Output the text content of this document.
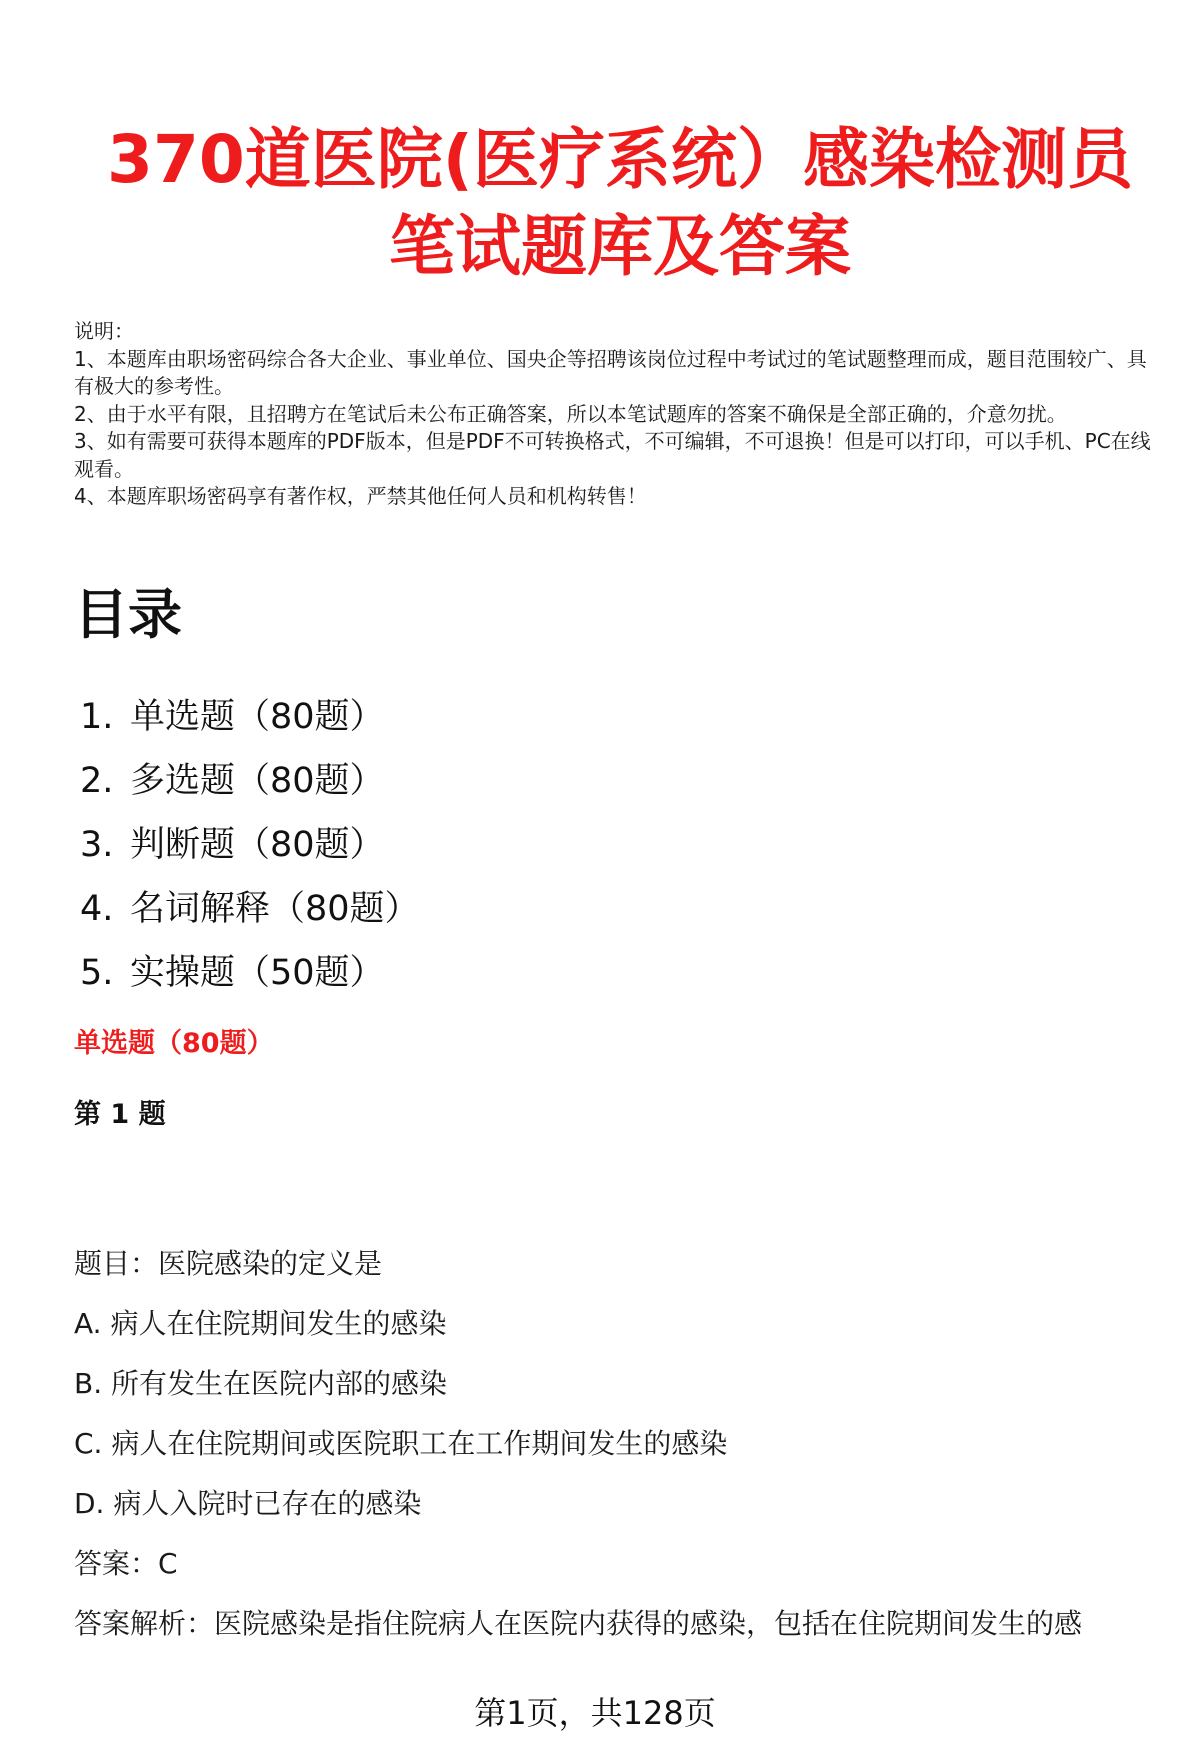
370道医院(医疗系统）感染检测员
笔试题库及答案

说明：

1、本题库由职场密码综合各大企业、事业单位、国央企等招聘该岗位过程中考试过的笔试题整理而成，题目范围较广、具有极大的参考性。

2、由于水平有限，且招聘方在笔试后未公布正确答案，所以本笔试题库的答案不确保是全部正确的，介意勿扰。

3、如有需要可获得本题库的PDF版本，但是PDF不可转换格式，不可编辑，不可退换！但是可以打印，可以手机、PC在线观看。

4、本题库职场密码享有著作权，严禁其他任何人员和机构转售！

目录
1. 单选题（80题）
2. 多选题（80题）
3. 判断题（80题）
4. 名词解释（80题）
5. 实操题（50题）
单选题（80题）
第 1 题

题目：医院感染的定义是

A. 病人在住院期间发生的感染

B. 所有发生在医院内部的感染

C. 病人在住院期间或医院职工在工作期间发生的感染

D. 病人入院时已存在的感染

答案：C

答案解析：医院感染是指住院病人在医院内获得的感染，包括在住院期间发生的感

第1页，共128页
